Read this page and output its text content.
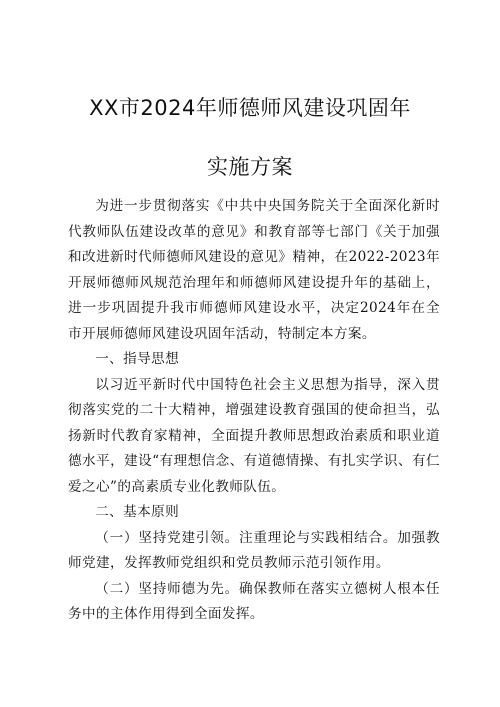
XX市2024年师德师风建设巩固年
实施方案

为进一步贯彻落实《中共中央国务院关于全面深化新时代教师队伍建设改革的意见》和教育部等七部门《关于加强和改进新时代师德师风建设的意见》精神，在2022-2023年开展师德师风规范治理年和师德师风建设提升年的基础上，进一步巩固提升我市师德师风建设水平，决定2024年在全市开展师德师风建设巩固年活动，特制定本方案。

一、指导思想

以习近平新时代中国特色社会主义思想为指导，深入贯彻落实党的二十大精神，增强建设教育强国的使命担当，弘扬新时代教育家精神，全面提升教师思想政治素质和职业道德水平，建设“有理想信念、有道德情操、有扎实学识、有仁爱之心”的高素质专业化教师队伍。

二、基本原则

（一）坚持党建引领。注重理论与实践相结合。加强教师党建，发挥教师党组织和党员教师示范引领作用。

（二）坚持师德为先。确保教师在落实立德树人根本任务中的主体作用得到全面发挥。
